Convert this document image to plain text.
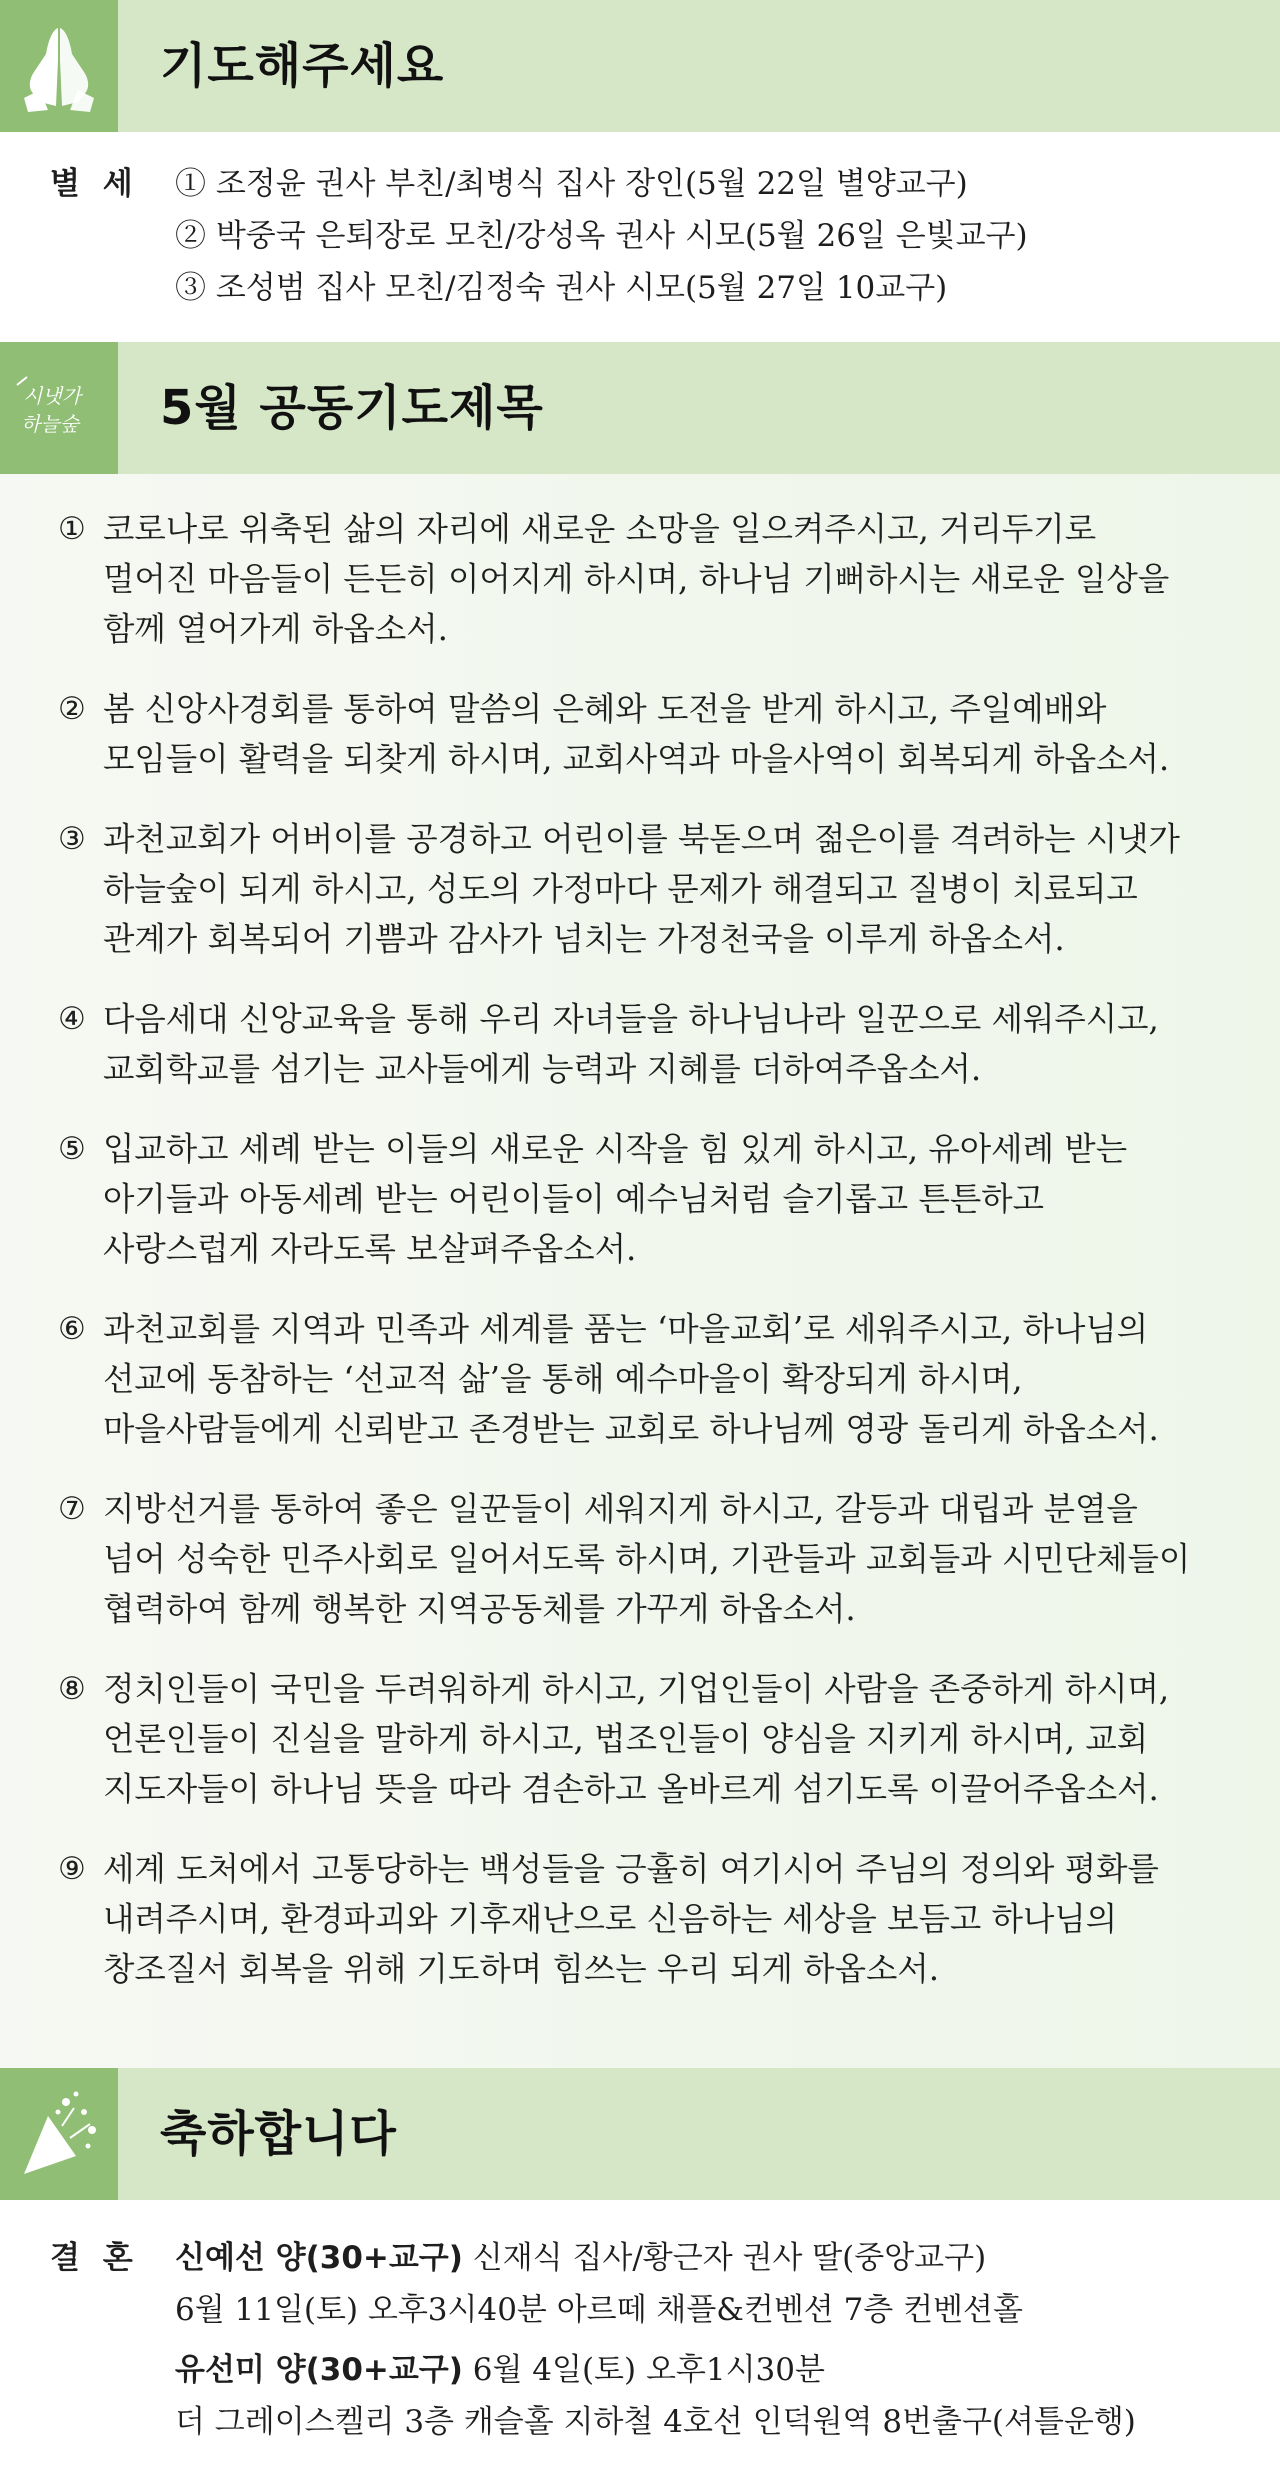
기도해주세요
별 세 ① 조정윤 권사 부친/최병식 집사 장인(5월 22일 별양교구)
② 박중국 은퇴장로 모친/강성옥 권사 시모(5월 26일 은빛교구)
③ 조성범 집사 모친/김정숙 권사 시모(5월 27일 10교구)
시냇가
하늘숲 5월 공동기도제목
① 코로나로 위축된 삶의 자리에 새로운 소망을 일으켜주시고, 거리두기로
멀어진 마음들이 든든히 이어지게 하시며, 하나님 기뻐하시는 새로운 일상을
함께 열어가게 하옵소서.
② 봄 신앙사경회를 통하여 말씀의 은혜와 도전을 받게 하시고, 주일예배와
모임들이 활력을 되찾게 하시며, 교회사역과 마을사역이 회복되게 하옵소서.
③ 과천교회가 어버이를 공경하고 어린이를 북돋으며 젊은이를 격려하는 시냇가
하늘숲이 되게 하시고, 성도의 가정마다 문제가 해결되고 질병이 치료되고
관계가 회복되어 기쁨과 감사가 넘치는 가정천국을 이루게 하옵소서.
④ 다음세대 신앙교육을 통해 우리 자녀들을 하나님나라 일꾼으로 세워주시고,
교회학교를 섬기는 교사들에게 능력과 지혜를 더하여주옵소서.
⑤ 입교하고 세례 받는 이들의 새로운 시작을 힘 있게 하시고, 유아세례 받는
아기들과 아동세례 받는 어린이들이 예수님처럼 슬기롭고 튼튼하고
사랑스럽게 자라도록 보살펴주옵소서.
⑥ 과천교회를 지역과 민족과 세계를 품는 ‘마을교회’로 세워주시고, 하나님의
선교에 동참하는 ‘선교적 삶’을 통해 예수마을이 확장되게 하시며,
마을사람들에게 신뢰받고 존경받는 교회로 하나님께 영광 돌리게 하옵소서.
⑦ 지방선거를 통하여 좋은 일꾼들이 세워지게 하시고, 갈등과 대립과 분열을
넘어 성숙한 민주사회로 일어서도록 하시며, 기관들과 교회들과 시민단체들이
협력하여 함께 행복한 지역공동체를 가꾸게 하옵소서.
⑧ 정치인들이 국민을 두려워하게 하시고, 기업인들이 사람을 존중하게 하시며,
언론인들이 진실을 말하게 하시고, 법조인들이 양심을 지키게 하시며, 교회
지도자들이 하나님 뜻을 따라 겸손하고 올바르게 섬기도록 이끌어주옵소서.
⑨ 세계 도처에서 고통당하는 백성들을 긍휼히 여기시어 주님의 정의와 평화를
내려주시며, 환경파괴와 기후재난으로 신음하는 세상을 보듬고 하나님의
창조질서 회복을 위해 기도하며 힘쓰는 우리 되게 하옵소서.
축하합니다
결 혼 신예선 양(30+교구) 신재식 집사/황근자 권사 딸(중앙교구)
6월 11일(토) 오후3시40분 아르떼 채플&컨벤션 7층 컨벤션홀
유선미 양(30+교구) 6월 4일(토) 오후1시30분
더 그레이스켈리 3층 캐슬홀 지하철 4호선 인덕원역 8번출구(셔틀운행)
